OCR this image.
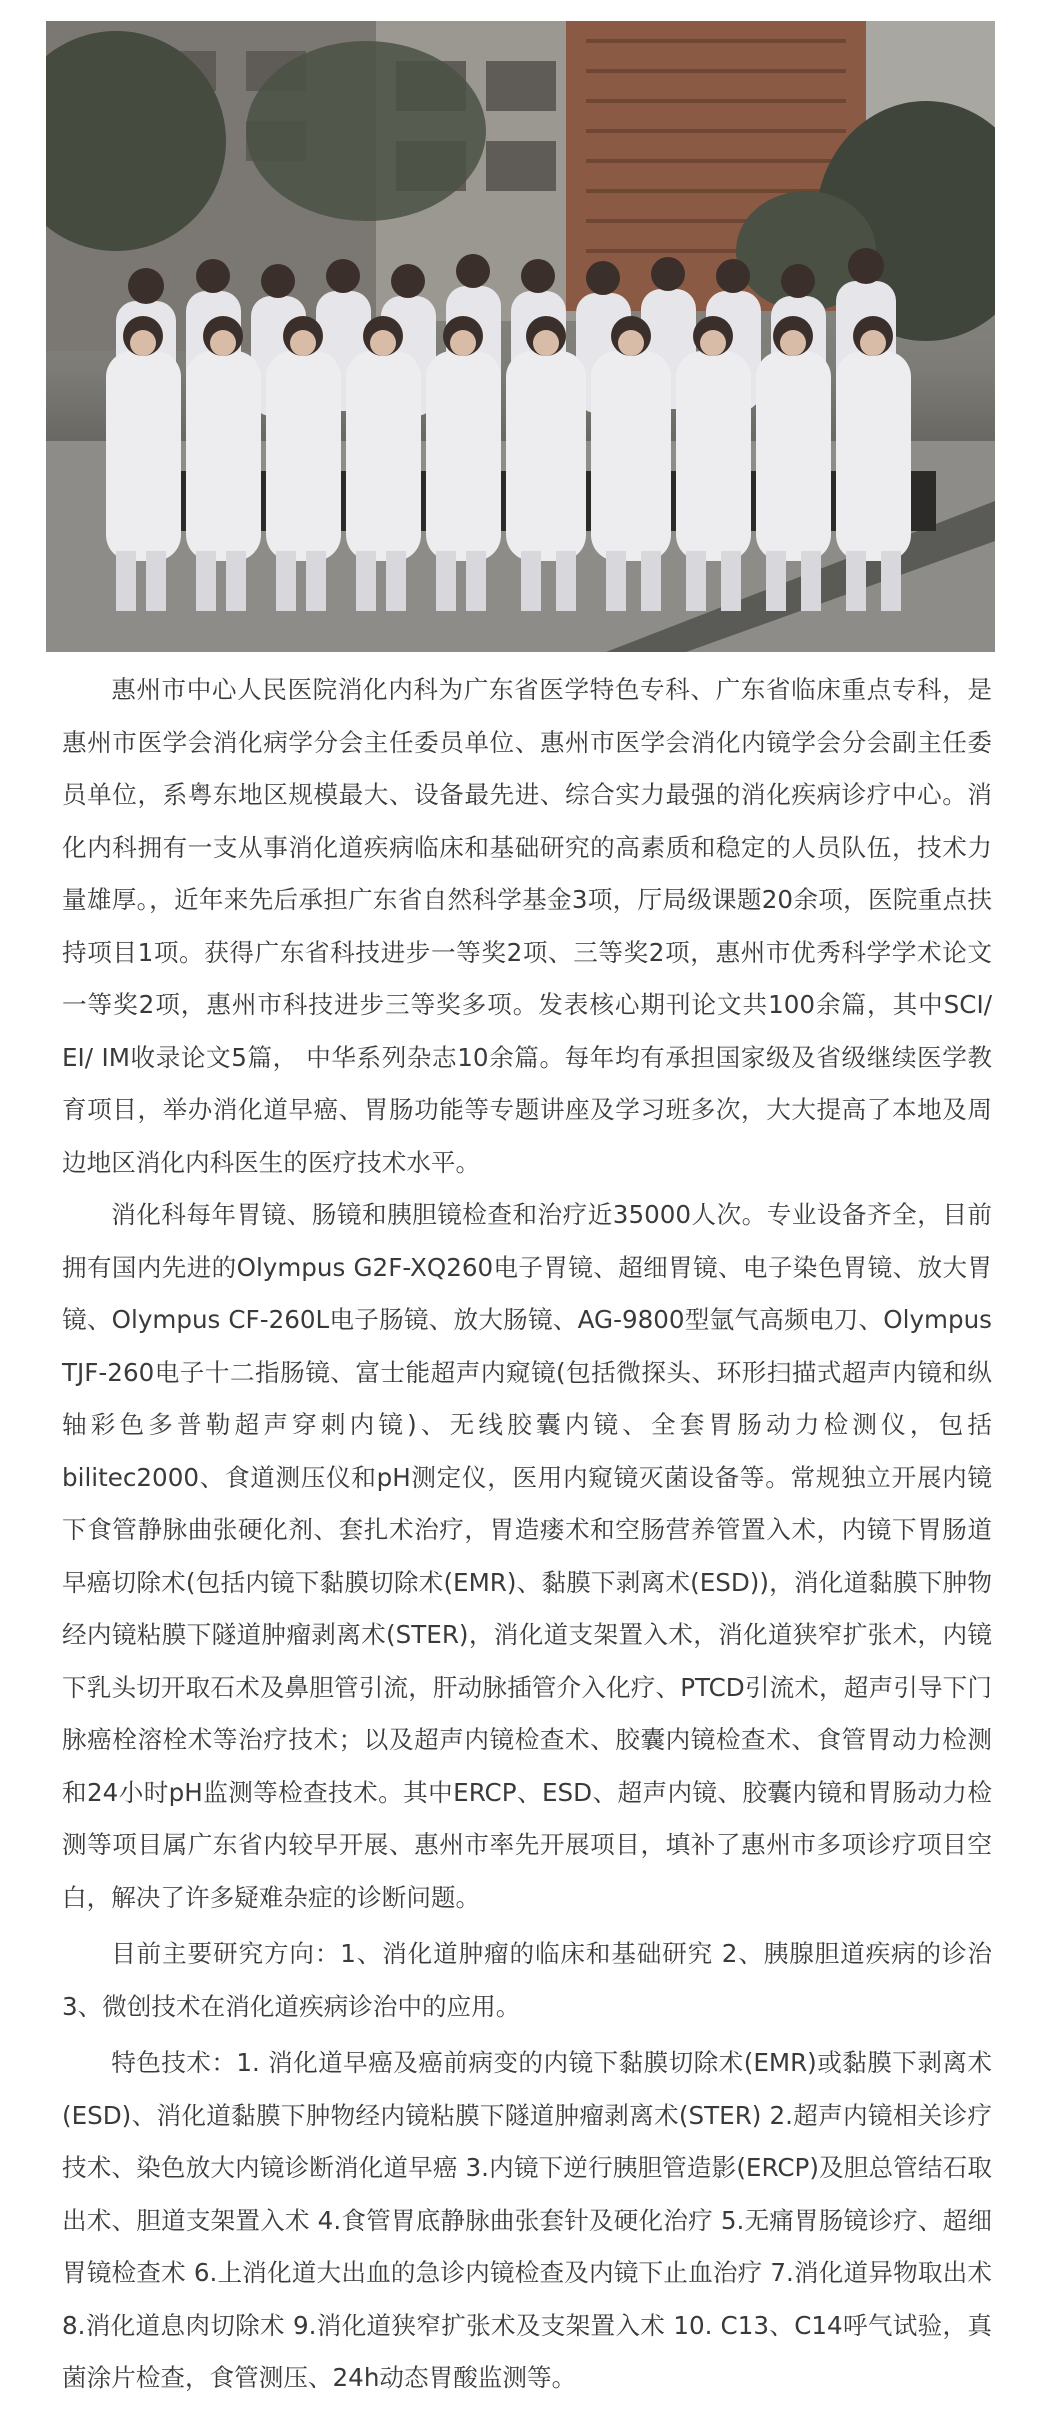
惠州市中心人民医院消化内科为广东省医学特色专科、广东省临床重点专科，是惠州市医学会消化病学分会主任委员单位、惠州市医学会消化内镜学会分会副主任委员单位，系粤东地区规模最大、设备最先进、综合实力最强的消化疾病诊疗中心。消化内科拥有一支从事消化道疾病临床和基础研究的高素质和稳定的人员队伍，技术力量雄厚。，近年来先后承担广东省自然科学基金3项，厅局级课题20余项，医院重点扶持项目1项。获得广东省科技进步一等奖2项、三等奖2项，惠州市优秀科学学术论文一等奖2项，惠州市科技进步三等奖多项。发表核心期刊论文共100余篇，其中SCI/ EI/ IM收录论文5篇， 中华系列杂志10余篇。每年均有承担国家级及省级继续医学教育项目，举办消化道早癌、胃肠功能等专题讲座及学习班多次，大大提高了本地及周边地区消化内科医生的医疗技术水平。

消化科每年胃镜、肠镜和胰胆镜检查和治疗近35000人次。专业设备齐全，目前拥有国内先进的Olympus G2F-XQ260电子胃镜、超细胃镜、电子染色胃镜、放大胃镜、Olympus CF-260L电子肠镜、放大肠镜、AG-9800型氩气高频电刀、Olympus TJF-260电子十二指肠镜、富士能超声内窥镜(包括微探头、环形扫描式超声内镜和纵轴彩色多普勒超声穿刺内镜)、无线胶囊内镜、全套胃肠动力检测仪，包括bilitec2000、食道测压仪和pH测定仪，医用内窥镜灭菌设备等。常规独立开展内镜下食管静脉曲张硬化剂、套扎术治疗，胃造瘘术和空肠营养管置入术，内镜下胃肠道早癌切除术(包括内镜下黏膜切除术(EMR)、黏膜下剥离术(ESD))，消化道黏膜下肿物经内镜粘膜下隧道肿瘤剥离术(STER)，消化道支架置入术，消化道狭窄扩张术，内镜下乳头切开取石术及鼻胆管引流，肝动脉插管介入化疗、PTCD引流术，超声引导下门脉癌栓溶栓术等治疗技术；以及超声内镜检查术、胶囊内镜检查术、食管胃动力检测和24小时pH监测等检查技术。其中ERCP、ESD、超声内镜、胶囊内镜和胃肠动力检测等项目属广东省内较早开展、惠州市率先开展项目，填补了惠州市多项诊疗项目空白，解决了许多疑难杂症的诊断问题。

目前主要研究方向：1、消化道肿瘤的临床和基础研究 2、胰腺胆道疾病的诊治 3、微创技术在消化道疾病诊治中的应用。

特色技术：1. 消化道早癌及癌前病变的内镜下黏膜切除术(EMR)或黏膜下剥离术(ESD)、消化道黏膜下肿物经内镜粘膜下隧道肿瘤剥离术(STER) 2.超声内镜相关诊疗技术、染色放大内镜诊断消化道早癌 3.内镜下逆行胰胆管造影(ERCP)及胆总管结石取出术、胆道支架置入术 4.食管胃底静脉曲张套针及硬化治疗 5.无痛胃肠镜诊疗、超细胃镜检查术 6.上消化道大出血的急诊内镜检查及内镜下止血治疗 7.消化道异物取出术 8.消化道息肉切除术 9.消化道狭窄扩张术及支架置入术 10. C13、C14呼气试验，真菌涂片检查，食管测压、24h动态胃酸监测等。
